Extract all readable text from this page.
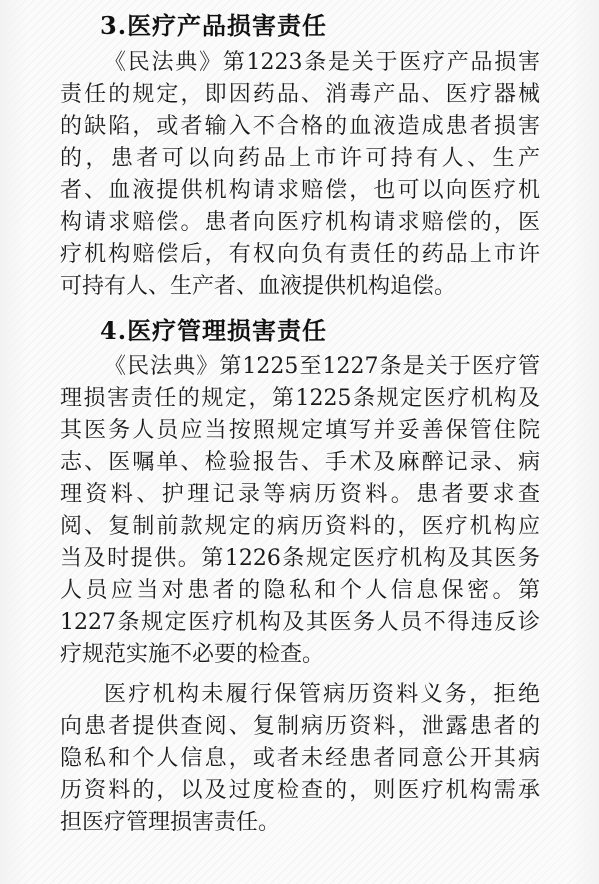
3.医疗产品损害责任
《民法典》第1223条是关于医疗产品损害
责任的规定，即因药品、消毒产品、医疗器械
的缺陷，或者输入不合格的血液造成患者损害
的，患者可以向药品上市许可持有人、生产
者、血液提供机构请求赔偿，也可以向医疗机
构请求赔偿。患者向医疗机构请求赔偿的，医
疗机构赔偿后，有权向负有责任的药品上市许
可持有人、生产者、血液提供机构追偿。
4.医疗管理损害责任
《民法典》第1225至1227条是关于医疗管
理损害责任的规定，第1225条规定医疗机构及
其医务人员应当按照规定填写并妥善保管住院
志、医嘱单、检验报告、手术及麻醉记录、病
理资料、护理记录等病历资料。患者要求查
阅、复制前款规定的病历资料的，医疗机构应
当及时提供。第1226条规定医疗机构及其医务
人员应当对患者的隐私和个人信息保密。第
1227条规定医疗机构及其医务人员不得违反诊
疗规范实施不必要的检查。
医疗机构未履行保管病历资料义务，拒绝
向患者提供查阅、复制病历资料，泄露患者的
隐私和个人信息，或者未经患者同意公开其病
历资料的，以及过度检查的，则医疗机构需承
担医疗管理损害责任。
